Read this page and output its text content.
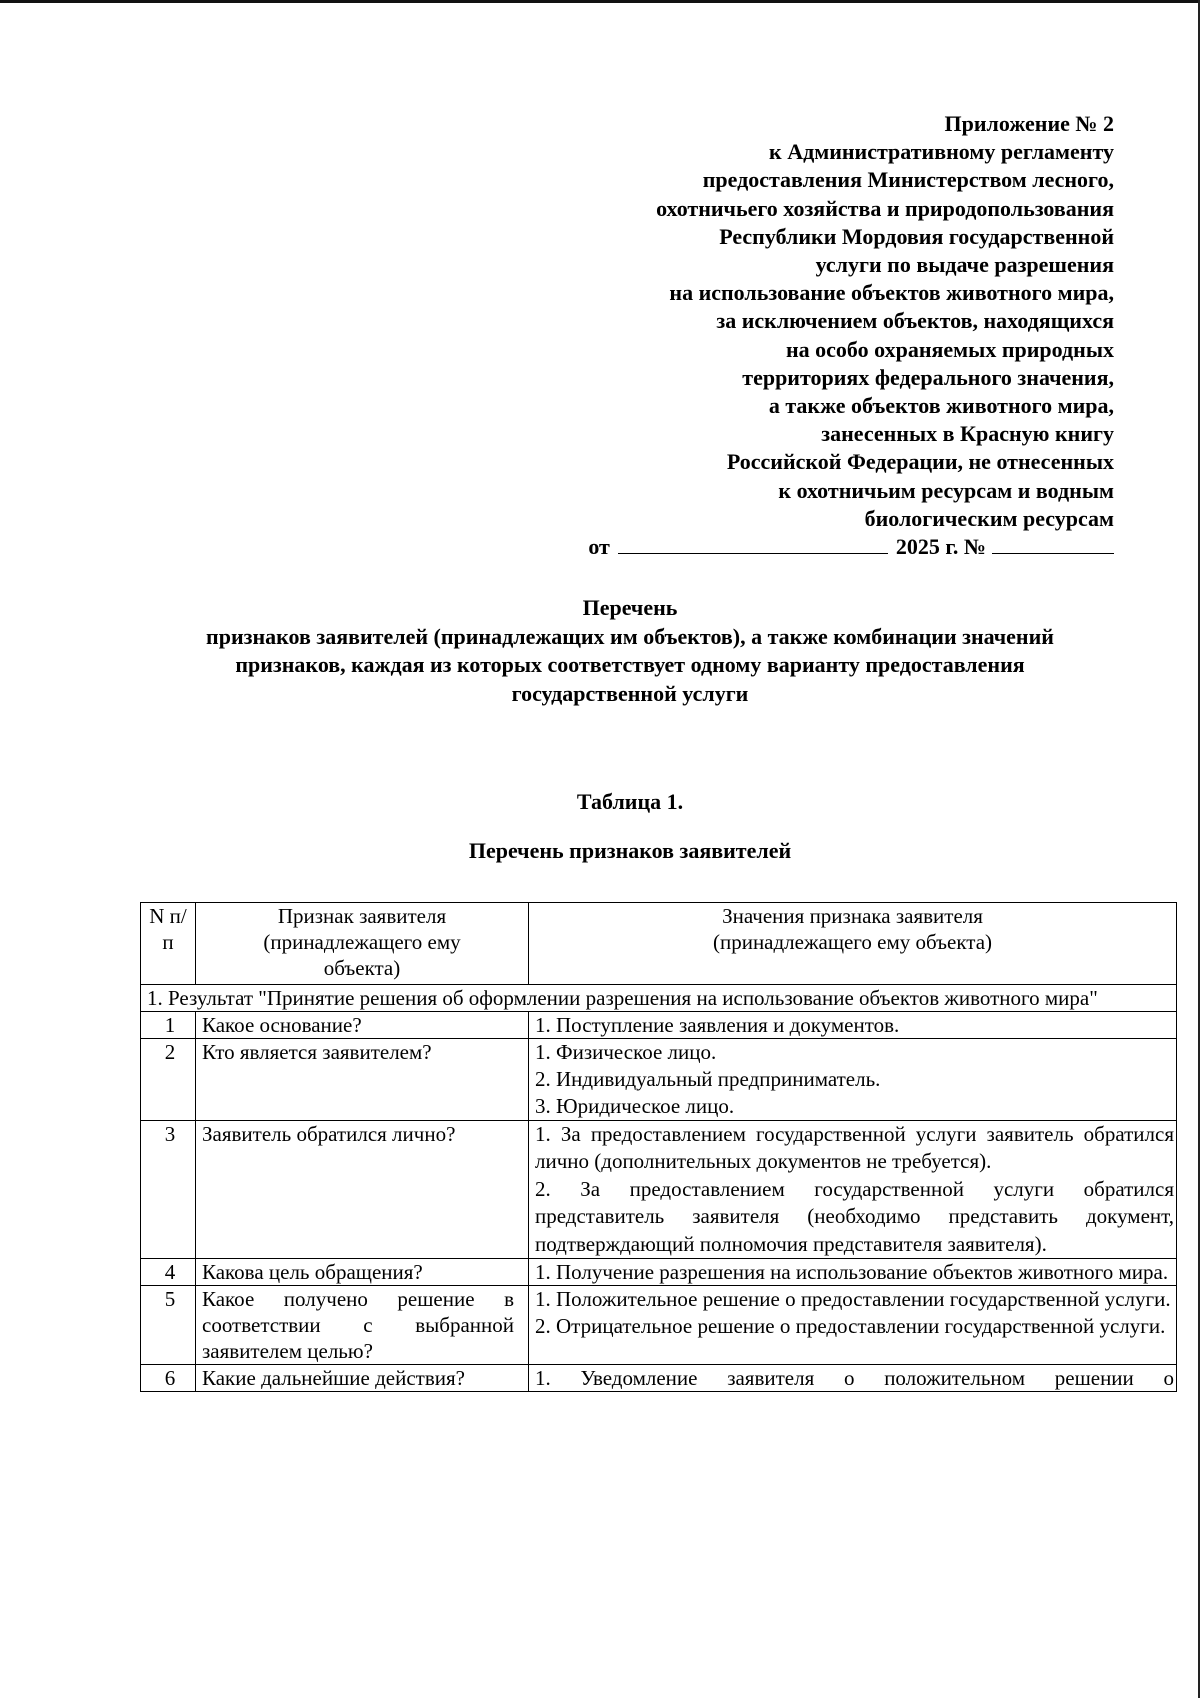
Приложение № 2
к Административному регламенту
предоставления Министерством лесного,
охотничьего хозяйства и природопользования
Республики Мордовия государственной
услуги по выдаче разрешения
на использование объектов животного мира,
за исключением объектов, находящихся
на особо охраняемых природных
территориях федерального значения,
а также объектов животного мира,
занесенных в Красную книгу
Российской Федерации, не отнесенных
к охотничьим ресурсам и водным
биологическим ресурсам
от	2025 г. №
Перечень
признаков заявителей (принадлежащих им объектов), а также комбинации значений
признаков, каждая из которых соответствует одному варианту предоставления
государственной услуги
Таблица 1.
Перечень признаков заявителей
N п/ п	Признак заявителя (принадлежащего ему объекта)	Значения признака заявителя (принадлежащего ему объекта)
1. Результат "Принятие решения об оформлении разрешения на использование объектов животного мира"		
1	Какое основание?	1. Поступление заявления и документов.

2	Кто является заявителем?	1. Физическое лицо.

2. Индивидуальный предприниматель.

3. Юридическое лицо.

3	Заявитель обратился лично?	1. За предоставлением государственной услуги заявитель обратился лично (дополнительных документов не требуется).

2. За предоставлением государственной услуги обратился представитель заявителя (необходимо представить документ, подтверждающий полномочия представителя заявителя).

4	Какова цель обращения?	1. Получение разрешения на использование объектов животного мира.

5	Какое получено решение в соответствии с выбранной заявителем целью?	1. Положительное решение о предоставлении государственной услуги.

2. Отрицательное решение о предоставлении государственной услуги.

6	Какие дальнейшие действия?	1. Уведомление заявителя о положительном решении о
